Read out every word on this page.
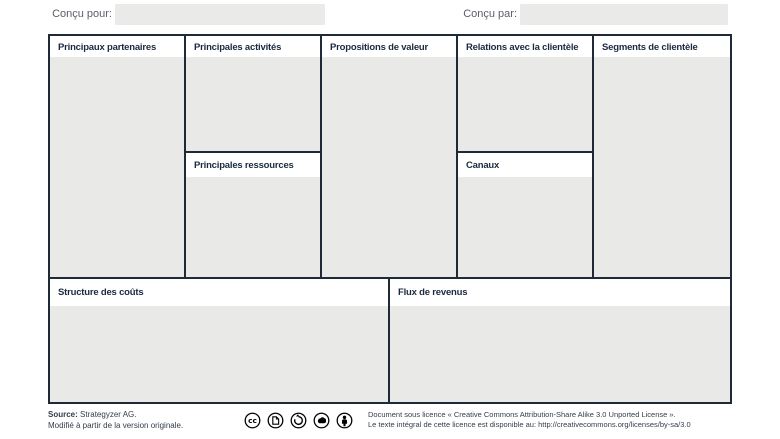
Conçu pour:	Conçu par:
Principaux partenaires	Principales activités
Principales ressources
Propositions de valeur	Relations avec la clientèle
Canaux
Segments de clientèle
Structure des coûts	Flux de revenus
Source: Strategyzer AG.
Modifié à partir de la version originale.
cc
Document sous licence « Creative Commons Attribution-Share Alike 3.0 Unported License ».
Le texte intégral de cette licence est disponible au: http://creativecommons.org/licenses/by-sa/3.0
